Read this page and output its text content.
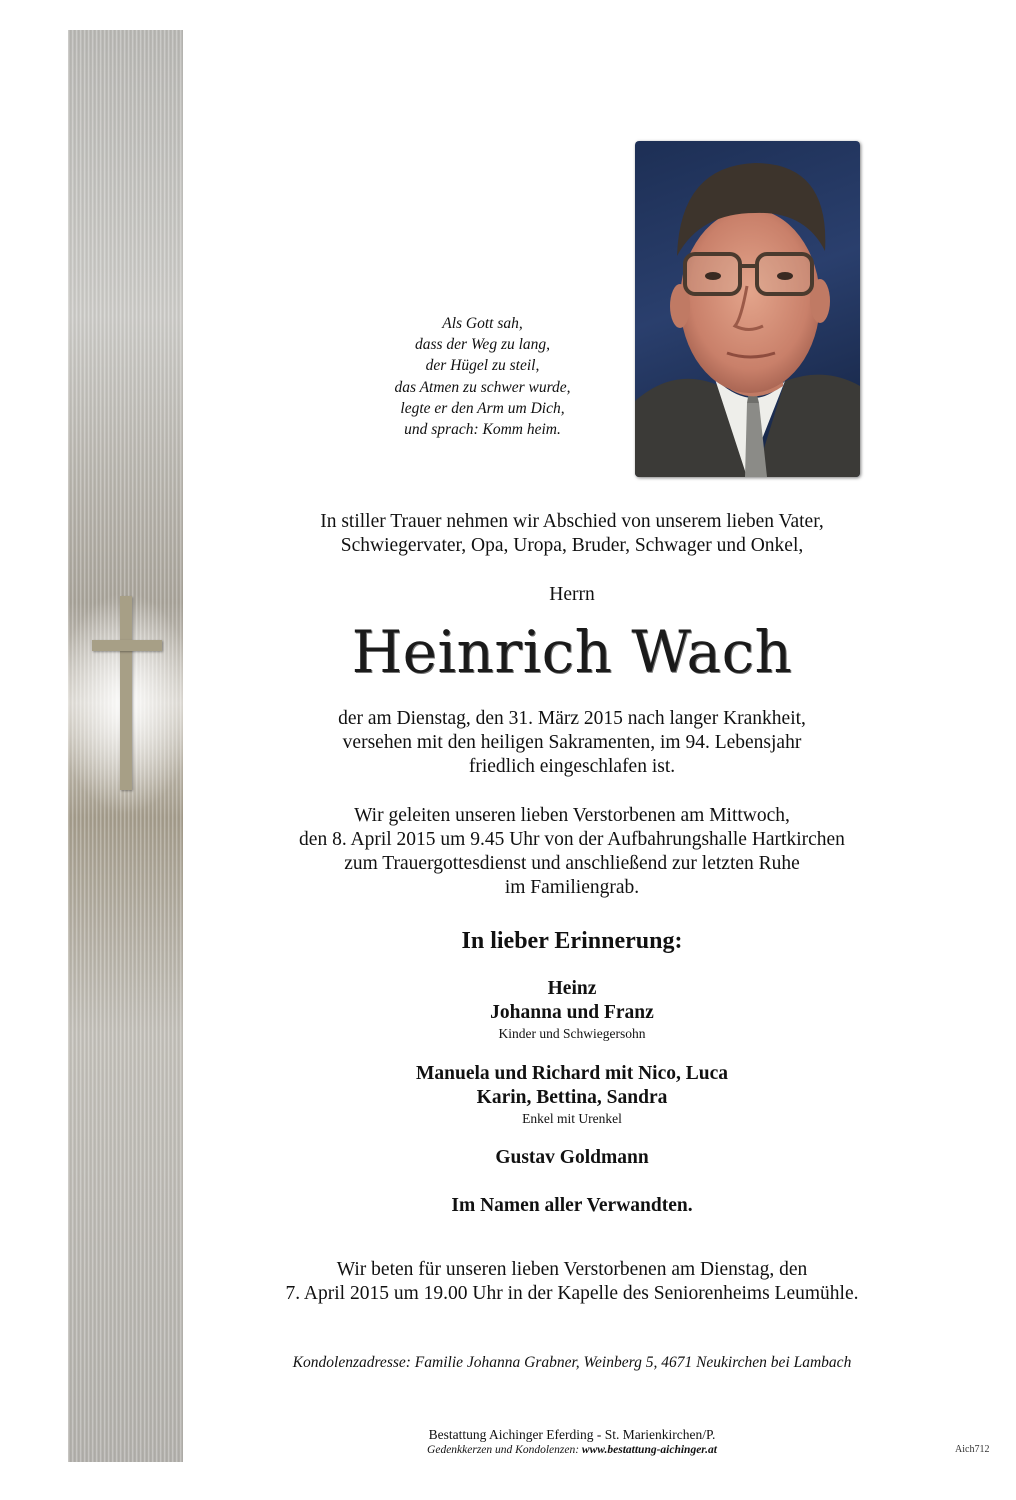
Als Gott sah,
dass der Weg zu lang,
der Hügel zu steil,
das Atmen zu schwer wurde,
legte er den Arm um Dich,
und sprach: Komm heim.
In stiller Trauer nehmen wir Abschied von unserem lieben Vater,
Schwiegervater, Opa, Uropa, Bruder, Schwager und Onkel,
Herrn
Heinrich Wach
der am Dienstag, den 31. März 2015 nach langer Krankheit,
versehen mit den heiligen Sakramenten, im 94. Lebensjahr
friedlich eingeschlafen ist.
Wir geleiten unseren lieben Verstorbenen am Mittwoch,
den 8. April 2015 um 9.45 Uhr von der Aufbahrungshalle Hartkirchen
zum Trauergottesdienst und anschließend zur letzten Ruhe
im Familiengrab.
In lieber Erinnerung:
Heinz
Johanna und Franz
Kinder und Schwiegersohn
Manuela und Richard mit Nico, Luca
Karin, Bettina, Sandra
Enkel mit Urenkel
Gustav Goldmann
Im Namen aller Verwandten.
Wir beten für unseren lieben Verstorbenen am Dienstag, den
7. April 2015 um 19.00 Uhr in der Kapelle des Seniorenheims Leumühle.
Kondolenzadresse: Familie Johanna Grabner, Weinberg 5, 4671 Neukirchen bei Lambach
Bestattung Aichinger Eferding - St. Marienkirchen/P.
Gedenkkerzen und Kondolenzen: www.bestattung-aichinger.at	Aich712
